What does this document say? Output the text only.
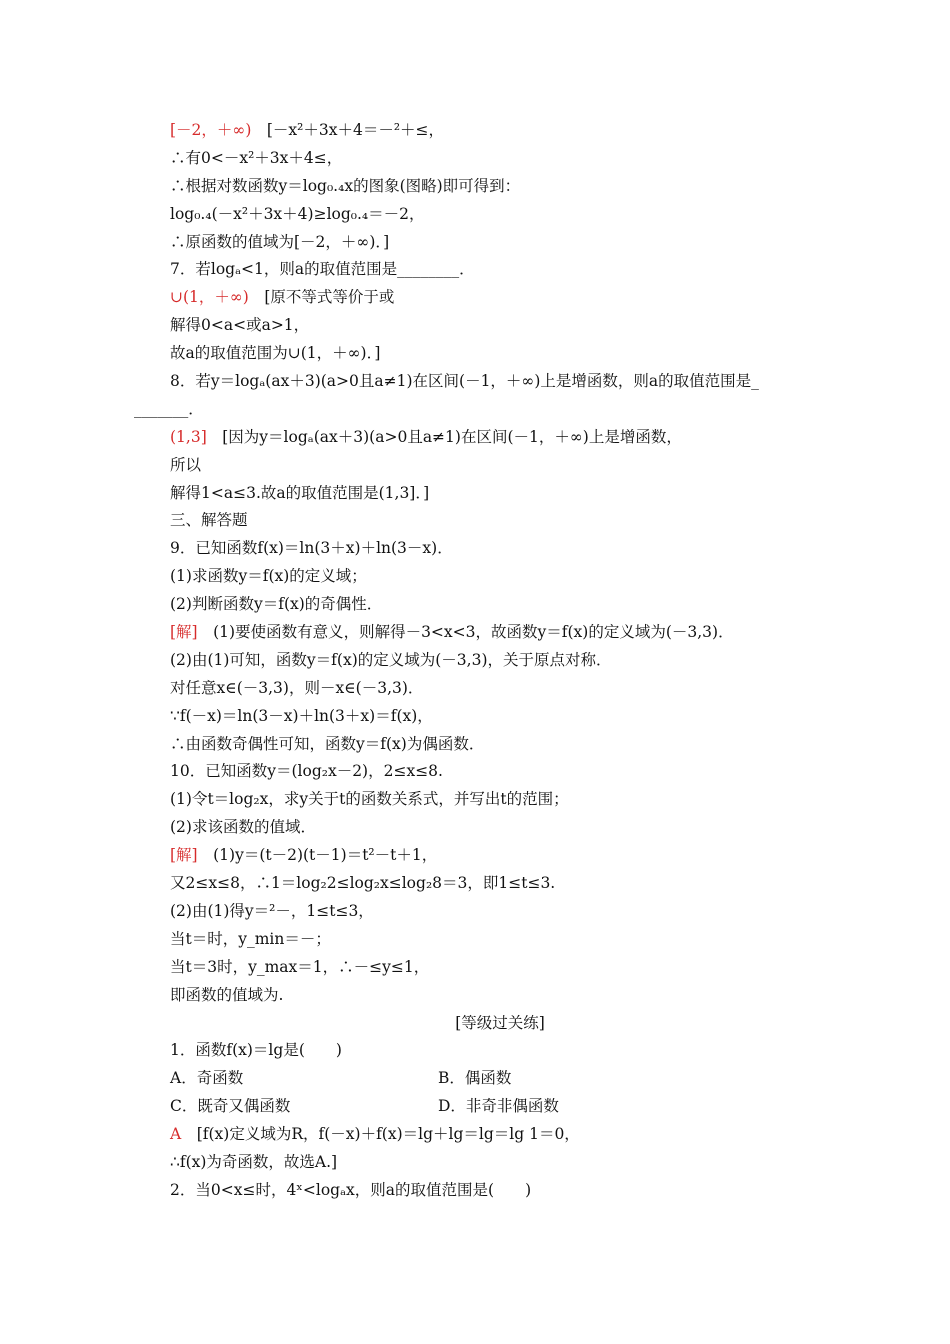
[－2，＋∞)　[－x²＋3x＋4＝－²＋≤，
∴有0<－x²＋3x＋4≤，
∴根据对数函数y＝log₀.₄x的图象(图略)即可得到：
log₀.₄(－x²＋3x＋4)≥log₀.₄＝－2，
∴原函数的值域为[－2，＋∞)．]
7．若logₐ<1，则a的取值范围是________．
∪(1，＋∞)　[原不等式等价于或
解得0<a<或a>1，
故a的取值范围为∪(1，＋∞)．]
8．若y＝logₐ(ax＋3)(a>0且a≠1)在区间(－1，＋∞)上是增函数，则a的取值范围是_
_______．
(1,3]　[因为y＝logₐ(ax＋3)(a>0且a≠1)在区间(－1，＋∞)上是增函数，
所以
解得1<a≤3.故a的取值范围是(1,3]．]
三、解答题
9．已知函数f(x)＝ln(3＋x)＋ln(3－x)．
(1)求函数y＝f(x)的定义域；
(2)判断函数y＝f(x)的奇偶性．
[解]　(1)要使函数有意义，则解得－3<x<3，故函数y＝f(x)的定义域为(－3,3)．
(2)由(1)可知，函数y＝f(x)的定义域为(－3,3)，关于原点对称．
对任意x∈(－3,3)，则－x∈(－3,3)．
∵f(－x)＝ln(3－x)＋ln(3＋x)＝f(x)，
∴由函数奇偶性可知，函数y＝f(x)为偶函数．
10．已知函数y＝(log₂x－2)，2≤x≤8.
(1)令t＝log₂x，求y关于t的函数关系式，并写出t的范围；
(2)求该函数的值域．
[解]　(1)y＝(t－2)(t－1)＝t²－t＋1，
又2≤x≤8，∴1＝log₂2≤log₂x≤log₂8＝3，即1≤t≤3.
(2)由(1)得y＝²－，1≤t≤3，
当t＝时，y_min＝－；
当t＝3时，y_max＝1，∴－≤y≤1，
即函数的值域为.
[等级过关练]
1．函数f(x)＝lg是(　　)
A．奇函数	B．偶函数
C．既奇又偶函数	D．非奇非偶函数
A　[f(x)定义域为R，f(－x)＋f(x)＝lg＋lg＝lg＝lg 1＝0，
∴f(x)为奇函数，故选A.]
2．当0<x≤时，4ˣ<logₐx，则a的取值范围是(　　)
